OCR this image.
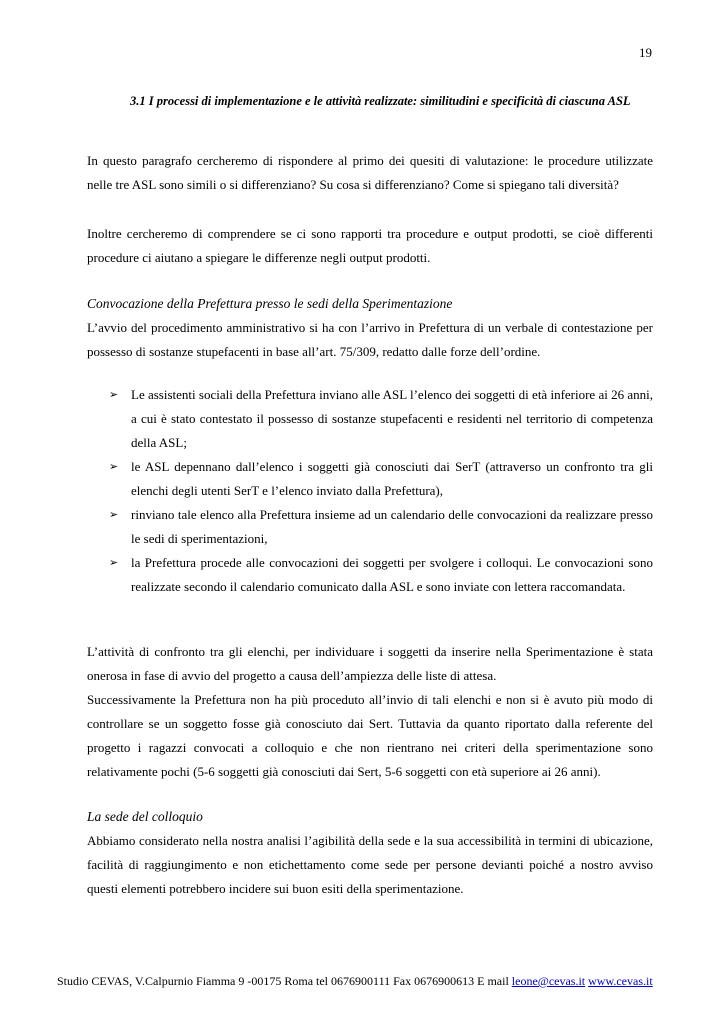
19
3.1 I processi di implementazione e le attività realizzate: similitudini e specificità di ciascuna ASL

In questo paragrafo cercheremo di rispondere al primo dei quesiti di valutazione: le procedure utilizzate nelle tre ASL sono simili o si differenziano? Su cosa si differenziano? Come si spiegano tali diversità?

Inoltre cercheremo di comprendere se ci sono rapporti tra procedure e output prodotti, se cioè differenti procedure ci aiutano a spiegare le differenze negli output prodotti.

Convocazione della Prefettura presso le sedi della Sperimentazione

L’avvio del procedimento amministrativo si ha con l’arrivo in Prefettura di un verbale di contestazione per possesso di sostanze stupefacenti in base all’art. 75/309, redatto dalle forze dell’ordine.

➢ Le assistenti sociali della Prefettura inviano alle ASL l’elenco dei soggetti di età inferiore ai 26 anni, a cui è stato contestato il possesso di sostanze stupefacenti e residenti nel territorio di competenza della ASL;
➢ le ASL depennano dall’elenco i soggetti già conosciuti dai SerT (attraverso un confronto tra gli elenchi degli utenti SerT e l’elenco inviato dalla Prefettura),
➢ rinviano tale elenco alla Prefettura insieme ad un calendario delle convocazioni da realizzare presso le sedi di sperimentazioni,
➢ la Prefettura procede alle convocazioni dei soggetti per svolgere i colloqui. Le convocazioni sono realizzate secondo il calendario comunicato dalla ASL e sono inviate con lettera raccomandata.

L’attività di confronto tra gli elenchi, per individuare i soggetti da inserire nella Sperimentazione è stata onerosa in fase di avvio del progetto a causa dell’ampiezza delle liste di attesa.

Successivamente la Prefettura non ha più proceduto all’invio di tali elenchi e non si è avuto più modo di controllare se un soggetto fosse già conosciuto dai Sert. Tuttavia da quanto riportato dalla referente del progetto i ragazzi convocati a colloquio e che non rientrano nei criteri della sperimentazione sono relativamente pochi (5-6 soggetti già conosciuti dai Sert, 5-6 soggetti con età superiore ai 26 anni).

La sede del colloquio

Abbiamo considerato nella nostra analisi l’agibilità della sede e la sua accessibilità in termini di ubicazione, facilità di raggiungimento e non etichettamento come sede per persone devianti poiché a nostro avviso questi elementi potrebbero incidere sui buon esiti della sperimentazione.

Studio CEVAS, V.Calpurnio Fiamma 9 -00175 Roma tel 0676900111 Fax 0676900613 E mail leone@cevas.it www.cevas.it
